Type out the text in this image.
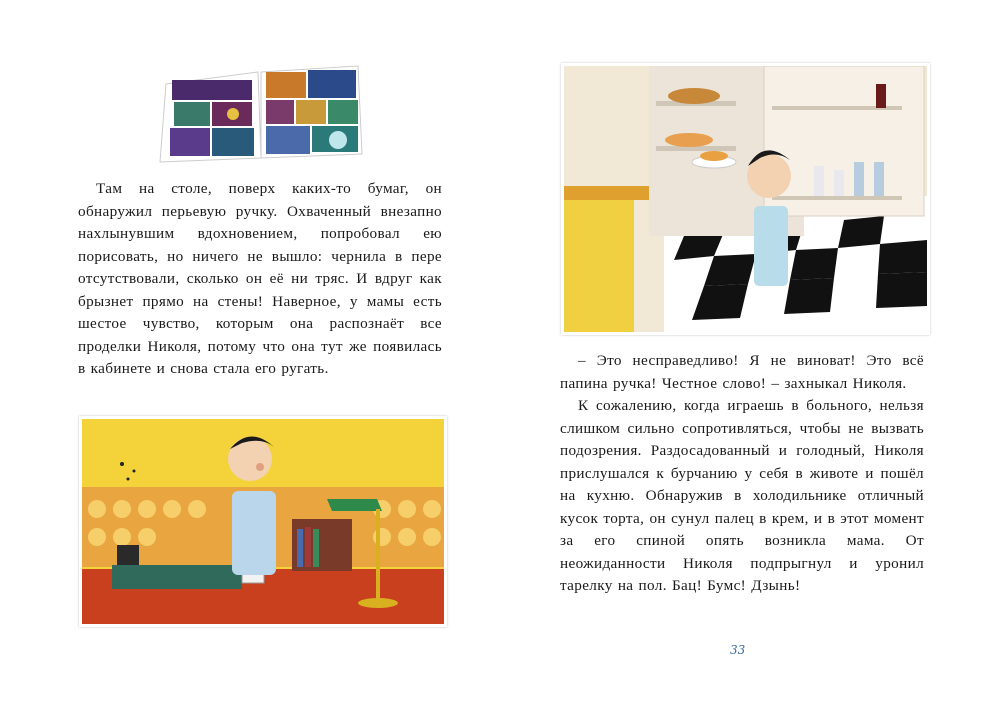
Там на столе, поверх каких-то бумаг, он обнаружил перьевую ручку. Охваченный внезапно нахлынувшим вдохновением, попробовал ею порисовать, но ничего не вышло: чернила в пере отсутствовали, сколько он её ни тряс. И вдруг как брызнет прямо на стены! Наверное, у мамы есть шестое чувство, которым она распознаёт все проделки Николя, потому что она тут же появилась в кабинете и снова стала его ругать.	– Это несправедливо! Я не виноват! Это всё папина ручка! Честное слово! – захныкал Николя.

К сожалению, когда играешь в больного, нельзя слишком сильно сопротивляться, чтобы не вызвать подозрения. Раздосадованный и голодный, Николя прислушался к бурчанию у себя в животе и пошёл на кухню. Обнаружив в холодильнике отличный кусок торта, он сунул палец в крем, и в этот момент за его спиной опять возникла мама. От неожиданности Николя подпрыгнул и уронил тарелку на пол. Бац! Бумс! Дзынь!

33
